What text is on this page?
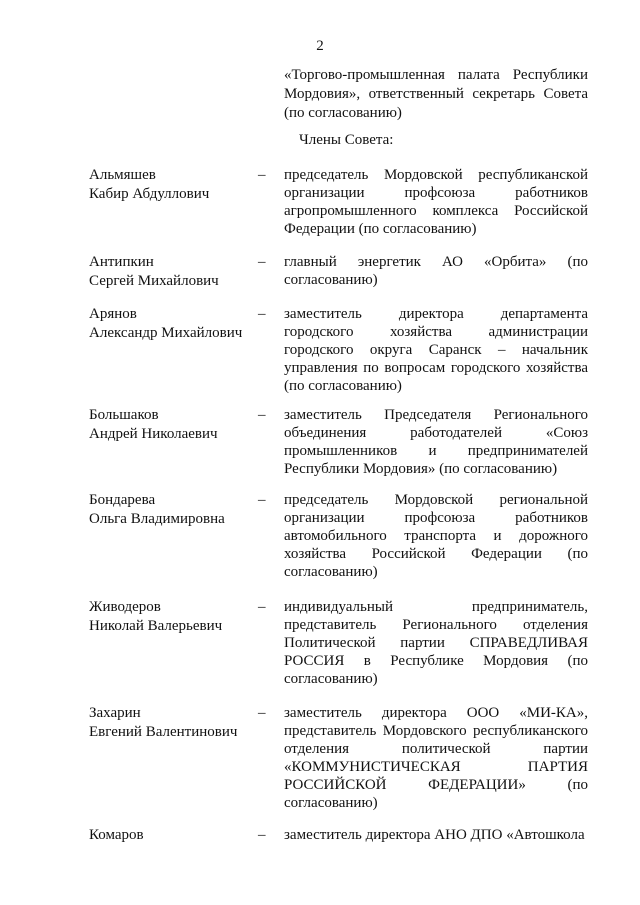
2
«Торгово-промышленная палата Республики Мордовия», ответственный секретарь Совета (по согласованию)
Члены Совета:
Альмяшев
Кабир Абдуллович
– председатель Мордовской республиканской организации профсоюза работников агропромышленного комплекса Российской Федерации (по согласованию)
Антипкин
Сергей Михайлович
– главный энергетик АО «Орбита» (по согласованию)
Арянов
Александр Михайлович
– заместитель директора департамента городского хозяйства администрации городского округа Саранск – начальник управления по вопросам городского хозяйства (по согласованию)
Большаков
Андрей Николаевич
– заместитель Председателя Регионального объединения работодателей «Союз промышленников и предпринимателей Республики Мордовия» (по согласованию)
Бондарева
Ольга Владимировна
– председатель Мордовской региональной организации профсоюза работников автомобильного транспорта и дорожного хозяйства Российской Федерации (по согласованию)
Живодеров
Николай Валерьевич
– индивидуальный предприниматель, представитель Регионального отделения Политической партии СПРАВЕДЛИВАЯ РОССИЯ в Республике Мордовия (по согласованию)
Захарин
Евгений Валентинович
– заместитель директора ООО «МИ-КА», представитель Мордовского республиканского отделения политической партии «КОММУНИСТИЧЕСКАЯ ПАРТИЯ РОССИЙСКОЙ ФЕДЕРАЦИИ» (по согласованию)
Комаров	– заместитель директора АНО ДПО «Автошкола
